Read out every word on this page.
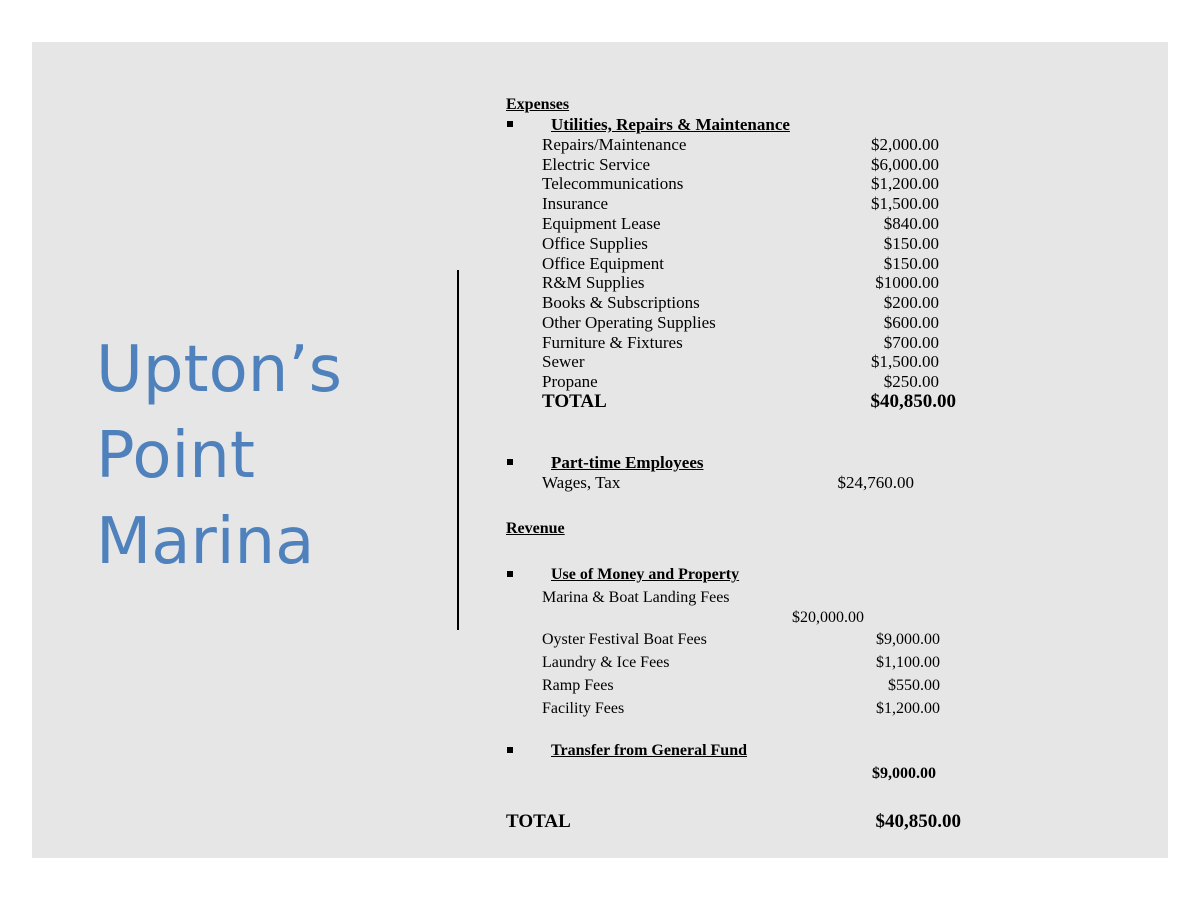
Upton’s
Point
Marina
Expenses
Utilities, Repairs & Maintenance
Repairs/Maintenance	$2,000.00
Electric Service	$6,000.00
Telecommunications	$1,200.00
Insurance	$1,500.00
Equipment Lease	$840.00
Office Supplies	$150.00
Office Equipment	$150.00
R&M Supplies	$1000.00
Books & Subscriptions	$200.00
Other Operating Supplies	$600.00
Furniture & Fixtures	$700.00
Sewer	$1,500.00
Propane	$250.00
TOTAL	$40,850.00
Part-time Employees
Wages, Tax	$24,760.00
Revenue
Use of Money and Property
Marina & Boat Landing Fees
$20,000.00
Oyster Festival Boat Fees	$9,000.00
Laundry & Ice Fees	$1,100.00
Ramp Fees	$550.00
Facility Fees	$1,200.00
Transfer from General Fund
$9,000.00
TOTAL	$40,850.00
